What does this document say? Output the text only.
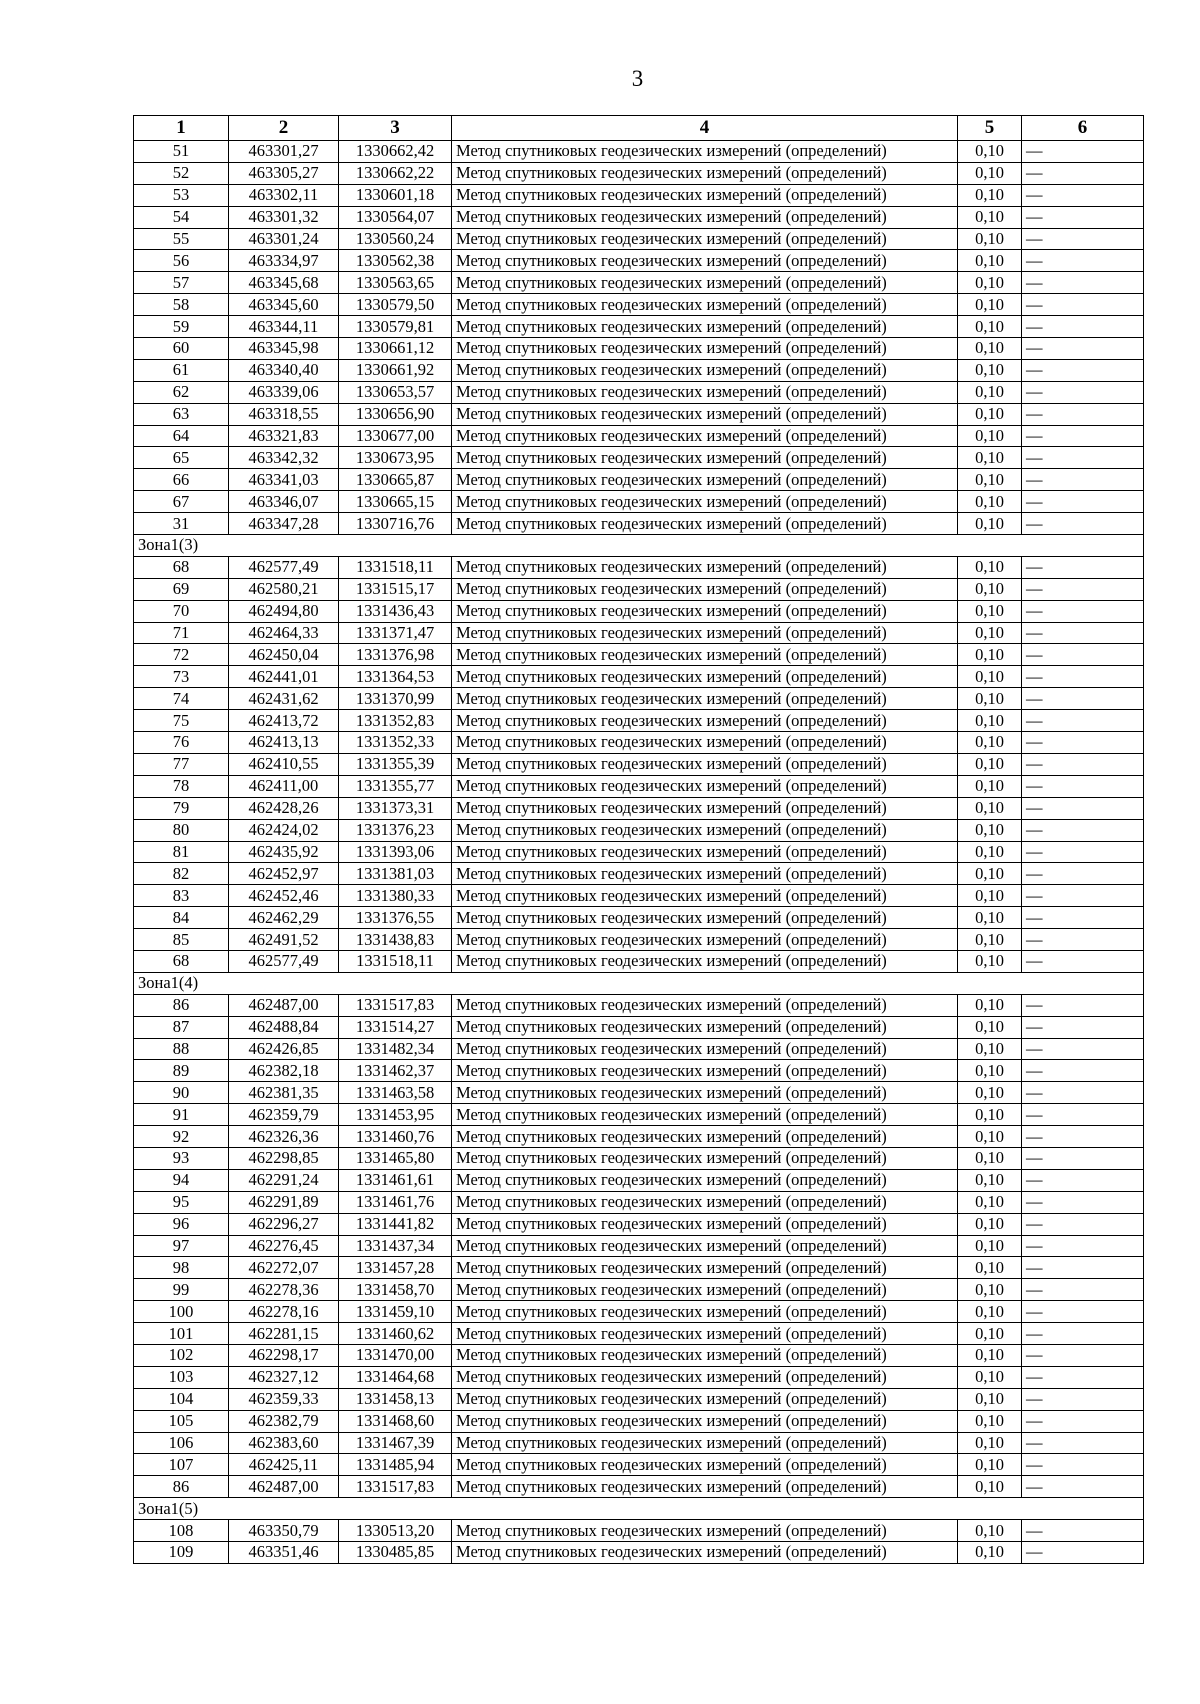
3
1	2	3	4	5	6
51	463301,27	1330662,42	Метод спутниковых геодезических измерений (определений)	0,10	—
52	463305,27	1330662,22	Метод спутниковых геодезических измерений (определений)	0,10	—
53	463302,11	1330601,18	Метод спутниковых геодезических измерений (определений)	0,10	—
54	463301,32	1330564,07	Метод спутниковых геодезических измерений (определений)	0,10	—
55	463301,24	1330560,24	Метод спутниковых геодезических измерений (определений)	0,10	—
56	463334,97	1330562,38	Метод спутниковых геодезических измерений (определений)	0,10	—
57	463345,68	1330563,65	Метод спутниковых геодезических измерений (определений)	0,10	—
58	463345,60	1330579,50	Метод спутниковых геодезических измерений (определений)	0,10	—
59	463344,11	1330579,81	Метод спутниковых геодезических измерений (определений)	0,10	—
60	463345,98	1330661,12	Метод спутниковых геодезических измерений (определений)	0,10	—
61	463340,40	1330661,92	Метод спутниковых геодезических измерений (определений)	0,10	—
62	463339,06	1330653,57	Метод спутниковых геодезических измерений (определений)	0,10	—
63	463318,55	1330656,90	Метод спутниковых геодезических измерений (определений)	0,10	—
64	463321,83	1330677,00	Метод спутниковых геодезических измерений (определений)	0,10	—
65	463342,32	1330673,95	Метод спутниковых геодезических измерений (определений)	0,10	—
66	463341,03	1330665,87	Метод спутниковых геодезических измерений (определений)	0,10	—
67	463346,07	1330665,15	Метод спутниковых геодезических измерений (определений)	0,10	—
31	463347,28	1330716,76	Метод спутниковых геодезических измерений (определений)	0,10	—
Зона1(3)					
68	462577,49	1331518,11	Метод спутниковых геодезических измерений (определений)	0,10	—
69	462580,21	1331515,17	Метод спутниковых геодезических измерений (определений)	0,10	—
70	462494,80	1331436,43	Метод спутниковых геодезических измерений (определений)	0,10	—
71	462464,33	1331371,47	Метод спутниковых геодезических измерений (определений)	0,10	—
72	462450,04	1331376,98	Метод спутниковых геодезических измерений (определений)	0,10	—
73	462441,01	1331364,53	Метод спутниковых геодезических измерений (определений)	0,10	—
74	462431,62	1331370,99	Метод спутниковых геодезических измерений (определений)	0,10	—
75	462413,72	1331352,83	Метод спутниковых геодезических измерений (определений)	0,10	—
76	462413,13	1331352,33	Метод спутниковых геодезических измерений (определений)	0,10	—
77	462410,55	1331355,39	Метод спутниковых геодезических измерений (определений)	0,10	—
78	462411,00	1331355,77	Метод спутниковых геодезических измерений (определений)	0,10	—
79	462428,26	1331373,31	Метод спутниковых геодезических измерений (определений)	0,10	—
80	462424,02	1331376,23	Метод спутниковых геодезических измерений (определений)	0,10	—
81	462435,92	1331393,06	Метод спутниковых геодезических измерений (определений)	0,10	—
82	462452,97	1331381,03	Метод спутниковых геодезических измерений (определений)	0,10	—
83	462452,46	1331380,33	Метод спутниковых геодезических измерений (определений)	0,10	—
84	462462,29	1331376,55	Метод спутниковых геодезических измерений (определений)	0,10	—
85	462491,52	1331438,83	Метод спутниковых геодезических измерений (определений)	0,10	—
68	462577,49	1331518,11	Метод спутниковых геодезических измерений (определений)	0,10	—
Зона1(4)					
86	462487,00	1331517,83	Метод спутниковых геодезических измерений (определений)	0,10	—
87	462488,84	1331514,27	Метод спутниковых геодезических измерений (определений)	0,10	—
88	462426,85	1331482,34	Метод спутниковых геодезических измерений (определений)	0,10	—
89	462382,18	1331462,37	Метод спутниковых геодезических измерений (определений)	0,10	—
90	462381,35	1331463,58	Метод спутниковых геодезических измерений (определений)	0,10	—
91	462359,79	1331453,95	Метод спутниковых геодезических измерений (определений)	0,10	—
92	462326,36	1331460,76	Метод спутниковых геодезических измерений (определений)	0,10	—
93	462298,85	1331465,80	Метод спутниковых геодезических измерений (определений)	0,10	—
94	462291,24	1331461,61	Метод спутниковых геодезических измерений (определений)	0,10	—
95	462291,89	1331461,76	Метод спутниковых геодезических измерений (определений)	0,10	—
96	462296,27	1331441,82	Метод спутниковых геодезических измерений (определений)	0,10	—
97	462276,45	1331437,34	Метод спутниковых геодезических измерений (определений)	0,10	—
98	462272,07	1331457,28	Метод спутниковых геодезических измерений (определений)	0,10	—
99	462278,36	1331458,70	Метод спутниковых геодезических измерений (определений)	0,10	—
100	462278,16	1331459,10	Метод спутниковых геодезических измерений (определений)	0,10	—
101	462281,15	1331460,62	Метод спутниковых геодезических измерений (определений)	0,10	—
102	462298,17	1331470,00	Метод спутниковых геодезических измерений (определений)	0,10	—
103	462327,12	1331464,68	Метод спутниковых геодезических измерений (определений)	0,10	—
104	462359,33	1331458,13	Метод спутниковых геодезических измерений (определений)	0,10	—
105	462382,79	1331468,60	Метод спутниковых геодезических измерений (определений)	0,10	—
106	462383,60	1331467,39	Метод спутниковых геодезических измерений (определений)	0,10	—
107	462425,11	1331485,94	Метод спутниковых геодезических измерений (определений)	0,10	—
86	462487,00	1331517,83	Метод спутниковых геодезических измерений (определений)	0,10	—
Зона1(5)					
108	463350,79	1330513,20	Метод спутниковых геодезических измерений (определений)	0,10	—
109	463351,46	1330485,85	Метод спутниковых геодезических измерений (определений)	0,10	—
